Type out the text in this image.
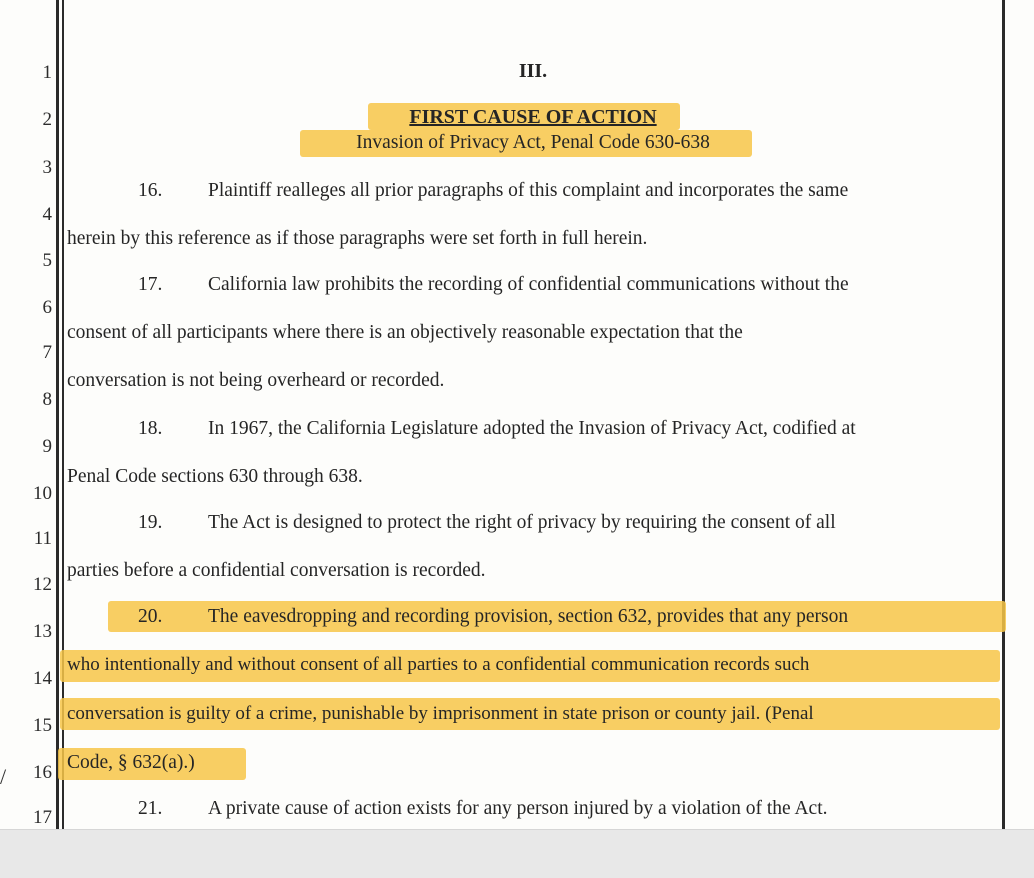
1
2
3
4
5
6
7
8
9
10
11
12
13
14
15
16
17
III.
FIRST CAUSE OF ACTION
Invasion of Privacy Act, Penal Code 630-638
16. Plaintiff realleges all prior paragraphs of this complaint and incorporates the same
herein by this reference as if those paragraphs were set forth in full herein.
17. California law prohibits the recording of confidential communications without the
consent of all participants where there is an objectively reasonable expectation that the
conversation is not being overheard or recorded.
18. In 1967, the California Legislature adopted the Invasion of Privacy Act, codified at
Penal Code sections 630 through 638.
19. The Act is designed to protect the right of privacy by requiring the consent of all
parties before a confidential conversation is recorded.
20. The eavesdropping and recording provision, section 632, provides that any person
who intentionally and without consent of all parties to a confidential communication records such
conversation is guilty of a crime, punishable by imprisonment in state prison or county jail. (Penal
Code, § 632(a).)
21. A private cause of action exists for any person injured by a violation of the Act.
/
